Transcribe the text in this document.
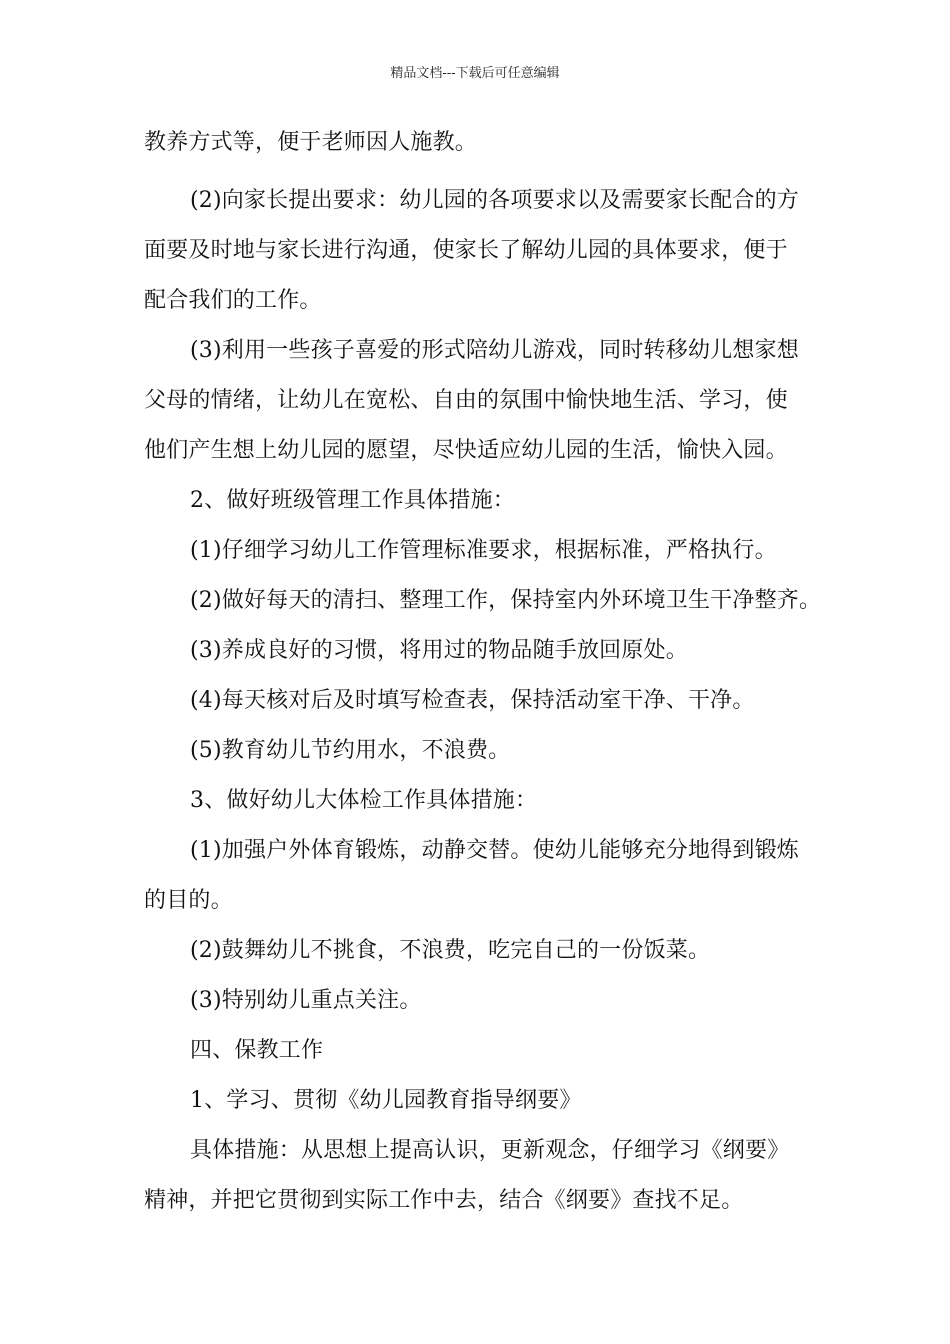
精品文档---下载后可任意编辑
教养方式等，便于老师因人施教。
(2)向家长提出要求：幼儿园的各项要求以及需要家长配合的方
面要及时地与家长进行沟通，使家长了解幼儿园的具体要求，便于
配合我们的工作。
(3)利用一些孩子喜爱的形式陪幼儿游戏，同时转移幼儿想家想
父母的情绪，让幼儿在宽松、自由的氛围中愉快地生活、学习，使
他们产生想上幼儿园的愿望，尽快适应幼儿园的生活，愉快入园。
2、做好班级管理工作具体措施：
(1)仔细学习幼儿工作管理标准要求，根据标准，严格执行。
(2)做好每天的清扫、整理工作，保持室内外环境卫生干净整齐。
(3)养成良好的习惯，将用过的物品随手放回原处。
(4)每天核对后及时填写检查表，保持活动室干净、干净。
(5)教育幼儿节约用水，不浪费。
3、做好幼儿大体检工作具体措施：
(1)加强户外体育锻炼，动静交替。使幼儿能够充分地得到锻炼
的目的。
(2)鼓舞幼儿不挑食，不浪费，吃完自己的一份饭菜。
(3)特别幼儿重点关注。
四、保教工作
1、学习、贯彻《幼儿园教育指导纲要》
具体措施：从思想上提高认识，更新观念，仔细学习《纲要》
精神，并把它贯彻到实际工作中去，结合《纲要》查找不足。
